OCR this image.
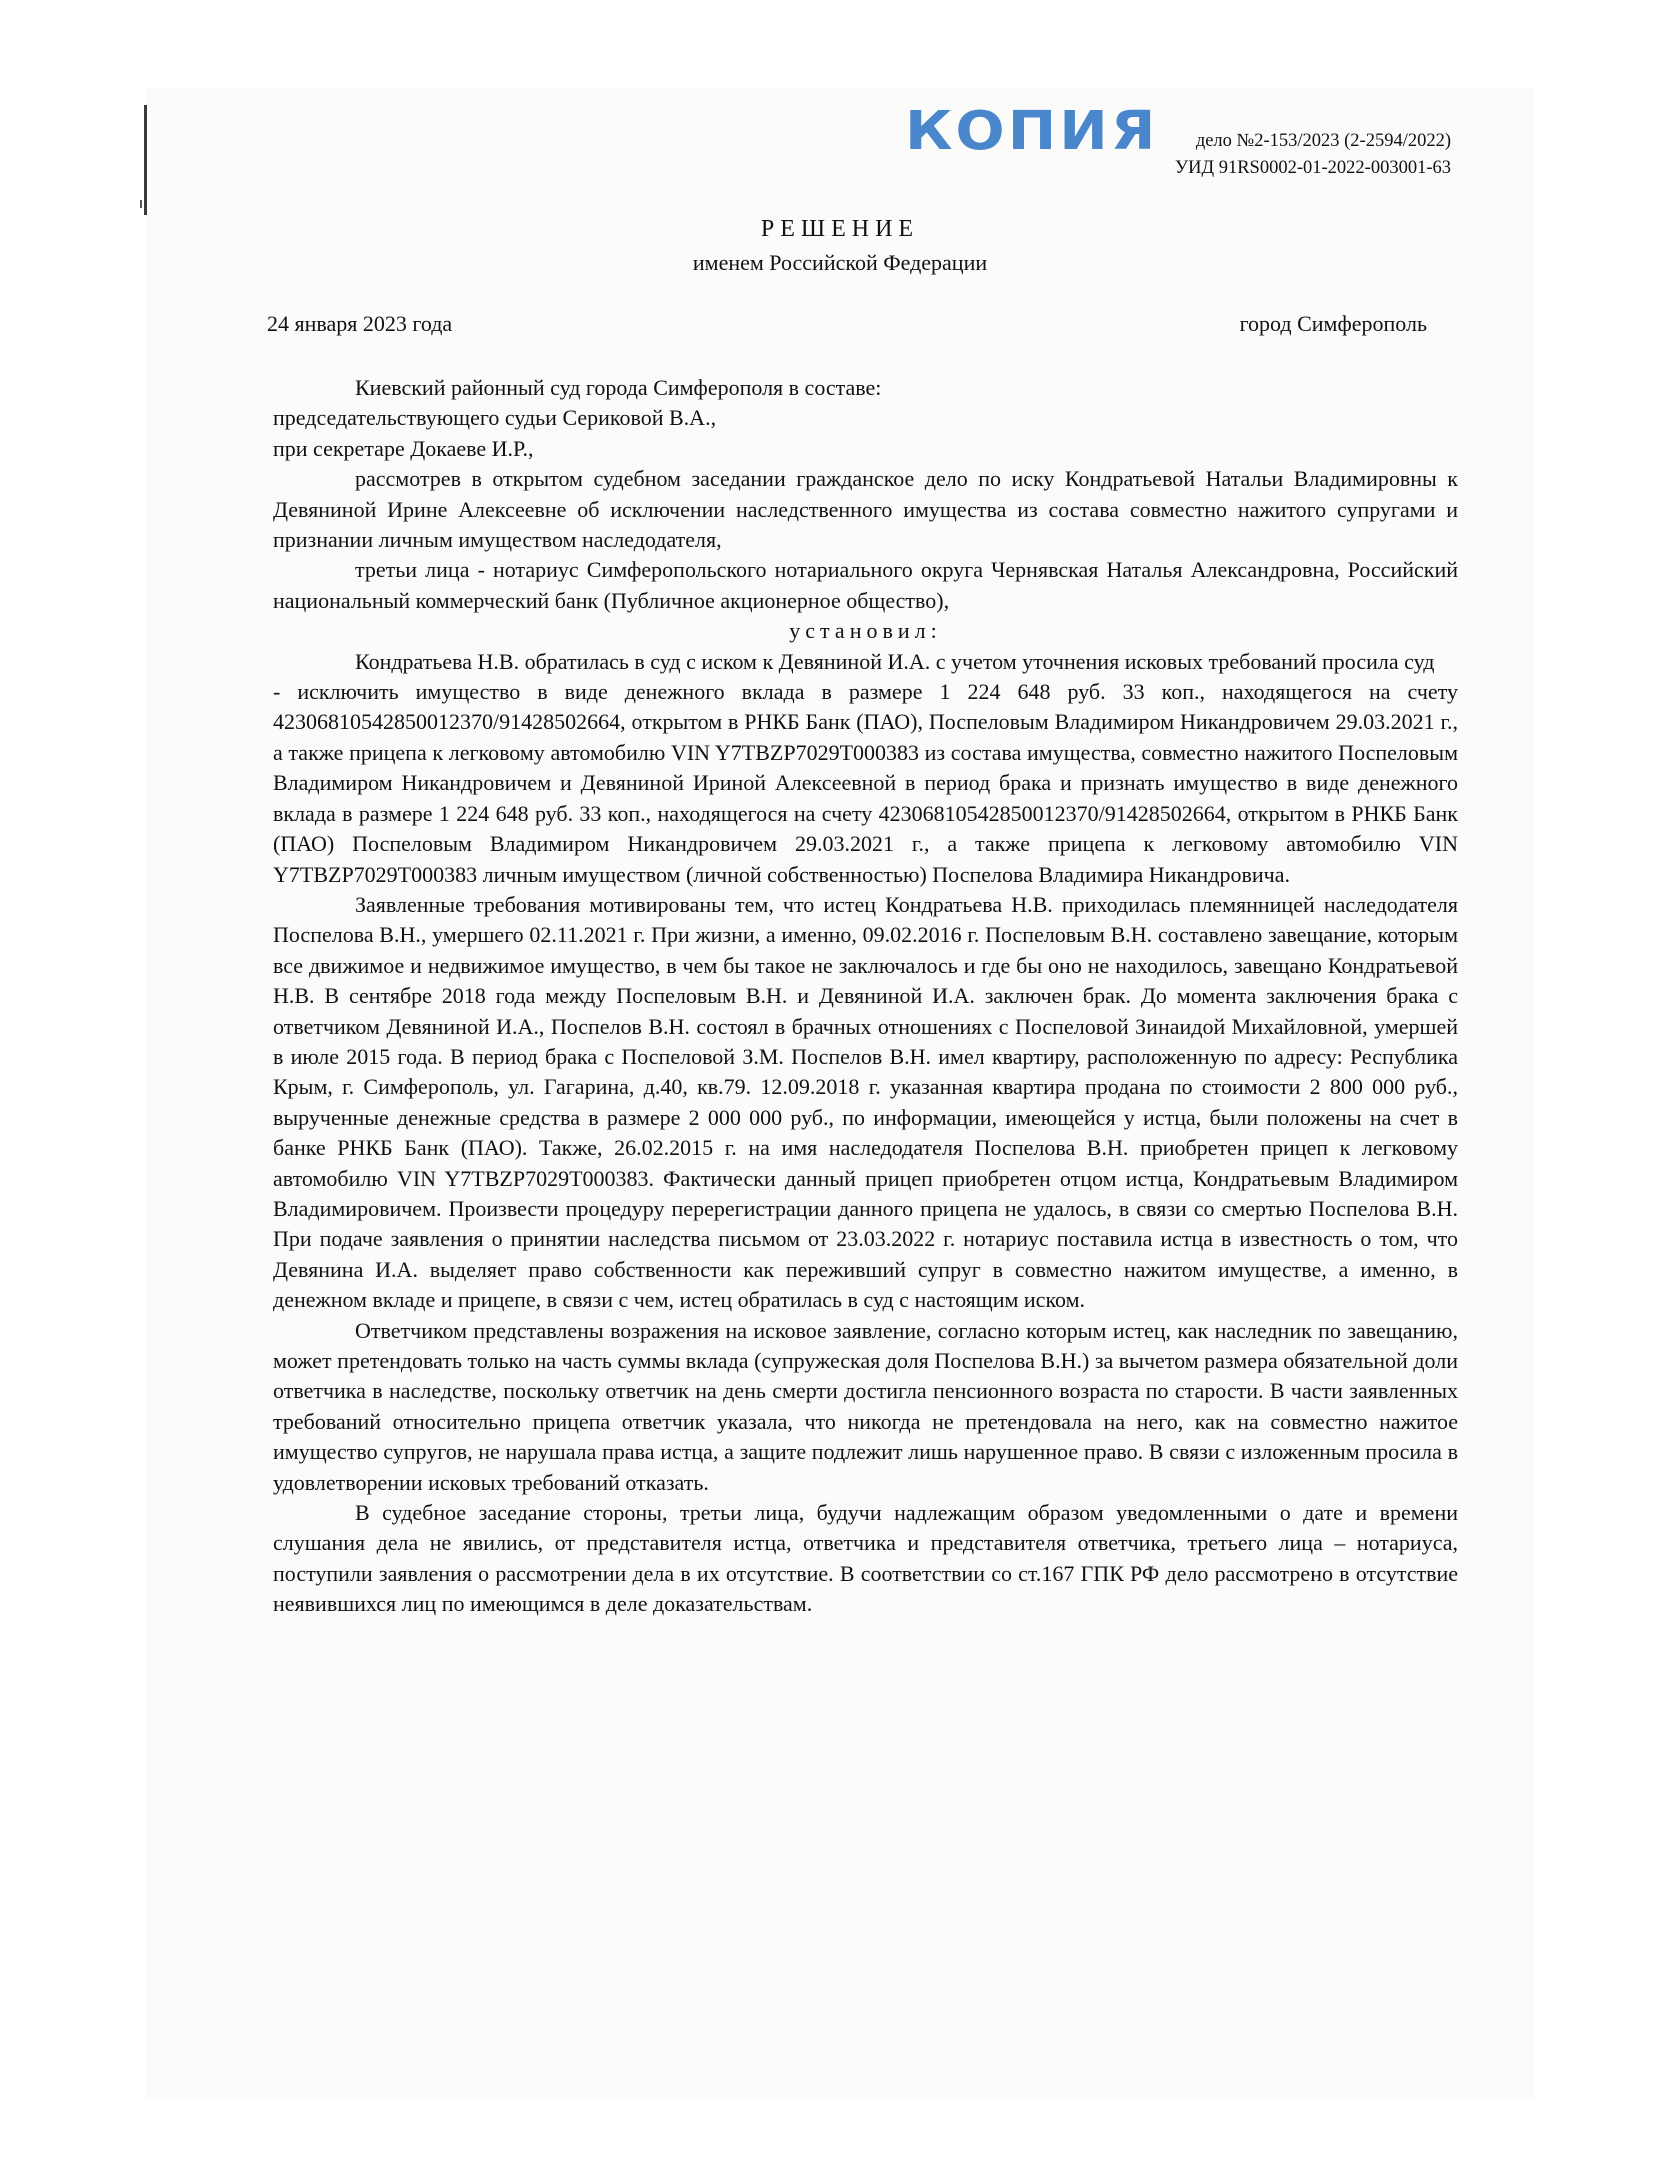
КОПИЯ	дело №2-153/2023 (2-2594/2022)
УИД 91RS0002-01-2022-003001-63
РЕШЕНИЕ
именем Российской Федерации
24 января 2023 года	город Симферополь

Киевский районный суд города Симферополя в составе:

председательствующего судьи Сериковой В.А.,

при секретаре Докаеве И.Р.,

рассмотрев в открытом судебном заседании гражданское дело по иску Кондратьевой Натальи Владимировны к Девяниной Ирине Алексеевне об исключении наследственного имущества из состава совместно нажитого супругами и признании личным имуществом наследодателя,

третьи лица - нотариус Симферопольского нотариального округа Чернявская Наталья Александровна, Российский национальный коммерческий банк (Публичное акционерное общество),

установил:

Кондратьева Н.В. обратилась в суд с иском к Девяниной И.А. с учетом уточнения исковых требований просила суд

- исключить имущество в виде денежного вклада в размере 1 224 648 руб. 33 коп., находящегося на счету 42306810542850012370/91428502664, открытом в РНКБ Банк (ПАО), Поспеловым Владимиром Никандровичем 29.03.2021 г., а также прицепа к легковому автомобилю VIN Y7TBZP7029T000383 из состава имущества, совместно нажитого Поспеловым Владимиром Никандровичем и Девяниной Ириной Алексеевной в период брака и признать имущество в виде денежного вклада в размере 1 224 648 руб. 33 коп., находящегося на счету 42306810542850012370/91428502664, открытом в РНКБ Банк (ПАО) Поспеловым Владимиром Никандровичем 29.03.2021 г., а также прицепа к легковому автомобилю VIN Y7TBZP7029T000383 личным имуществом (личной собственностью) Поспелова Владимира Никандровича.

Заявленные требования мотивированы тем, что истец Кондратьева Н.В. приходилась племянницей наследодателя Поспелова В.Н., умершего 02.11.2021 г. При жизни, а именно, 09.02.2016 г. Поспеловым В.Н. составлено завещание, которым все движимое и недвижимое имущество, в чем бы такое не заключалось и где бы оно не находилось, завещано Кондратьевой Н.В. В сентябре 2018 года между Поспеловым В.Н. и Девяниной И.А. заключен брак. До момента заключения брака с ответчиком Девяниной И.А., Поспелов В.Н. состоял в брачных отношениях с Поспеловой Зинаидой Михайловной, умершей в июле 2015 года. В период брака с Поспеловой З.М. Поспелов В.Н. имел квартиру, расположенную по адресу: Республика Крым, г. Симферополь, ул. Гагарина, д.40, кв.79. 12.09.2018 г. указанная квартира продана по стоимости 2 800 000 руб., вырученные денежные средства в размере 2 000 000 руб., по информации, имеющейся у истца, были положены на счет в банке РНКБ Банк (ПАО). Также, 26.02.2015 г. на имя наследодателя Поспелова В.Н. приобретен прицеп к легковому автомобилю VIN Y7TBZP7029T000383. Фактически данный прицеп приобретен отцом истца, Кондратьевым Владимиром Владимировичем. Произвести процедуру перерегистрации данного прицепа не удалось, в связи со смертью Поспелова В.Н. При подаче заявления о принятии наследства письмом от 23.03.2022 г. нотариус поставила истца в известность о том, что Девянина И.А. выделяет право собственности как переживший супруг в совместно нажитом имуществе, а именно, в денежном вкладе и прицепе, в связи с чем, истец обратилась в суд с настоящим иском.

Ответчиком представлены возражения на исковое заявление, согласно которым истец, как наследник по завещанию, может претендовать только на часть суммы вклада (супружеская доля Поспелова В.Н.) за вычетом размера обязательной доли ответчика в наследстве, поскольку ответчик на день смерти достигла пенсионного возраста по старости. В части заявленных требований относительно прицепа ответчик указала, что никогда не претендовала на него, как на совместно нажитое имущество супругов, не нарушала права истца, а защите подлежит лишь нарушенное право. В связи с изложенным просила в удовлетворении исковых требований отказать.

В судебное заседание стороны, третьи лица, будучи надлежащим образом уведомленными о дате и времени слушания дела не явились, от представителя истца, ответчика и представителя ответчика, третьего лица – нотариуса, поступили заявления о рассмотрении дела в их отсутствие. В соответствии со ст.167 ГПК РФ дело рассмотрено в отсутствие неявившихся лиц по имеющимся в деле доказательствам.
